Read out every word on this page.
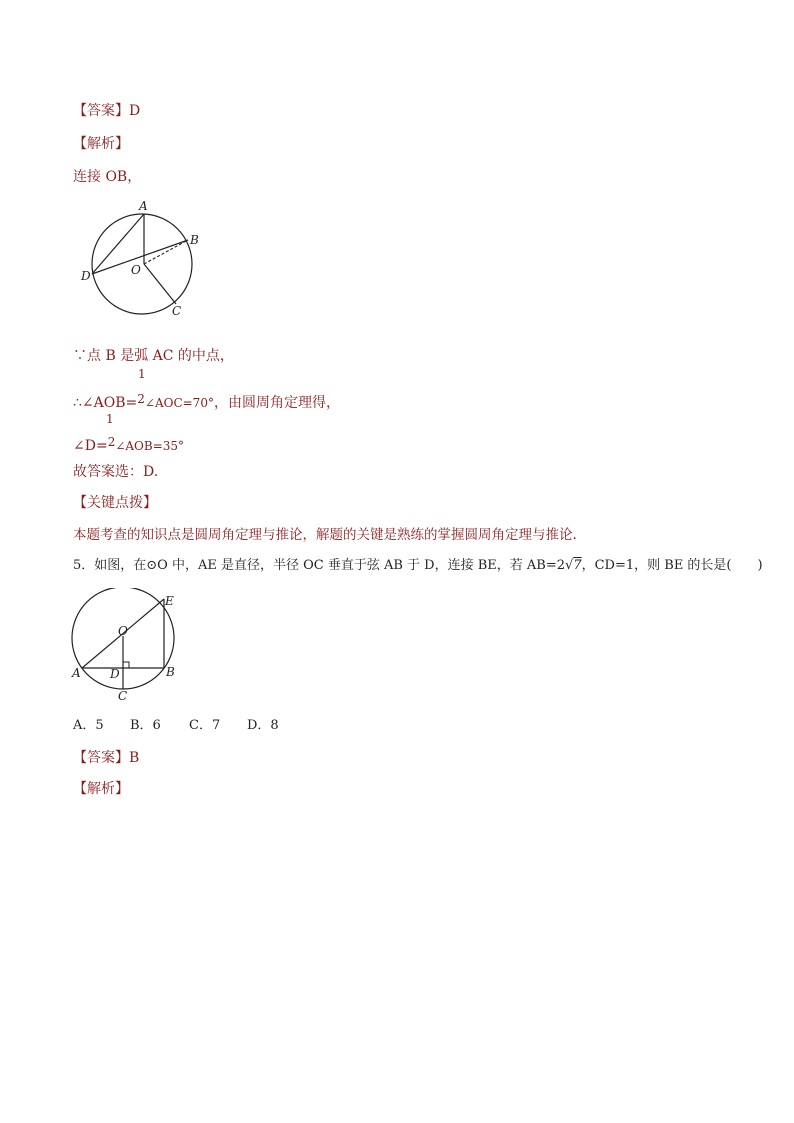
【答案】D
【解析】
连接 OB，
A
B
C
D	O
∵点 B 是弧 AC 的中点，
1
∴∠AOB=2∠AOC=70°，由圆周角定理得，
1
∠D=2∠AOB=35°
故答案选：D.
【关键点拨】
本题考查的知识点是圆周角定理与推论，解题的关键是熟练的掌握圆周角定理与推论.
5．如图，在⊙O 中，AE 是直径，半径 OC 垂直于弦 AB 于 D，连接 BE，若 AB=2√7，CD=1，则 BE 的长是(　　)
E
O
A D	B
C
A．5 B．6 C．7 D．8
【答案】B
【解析】
